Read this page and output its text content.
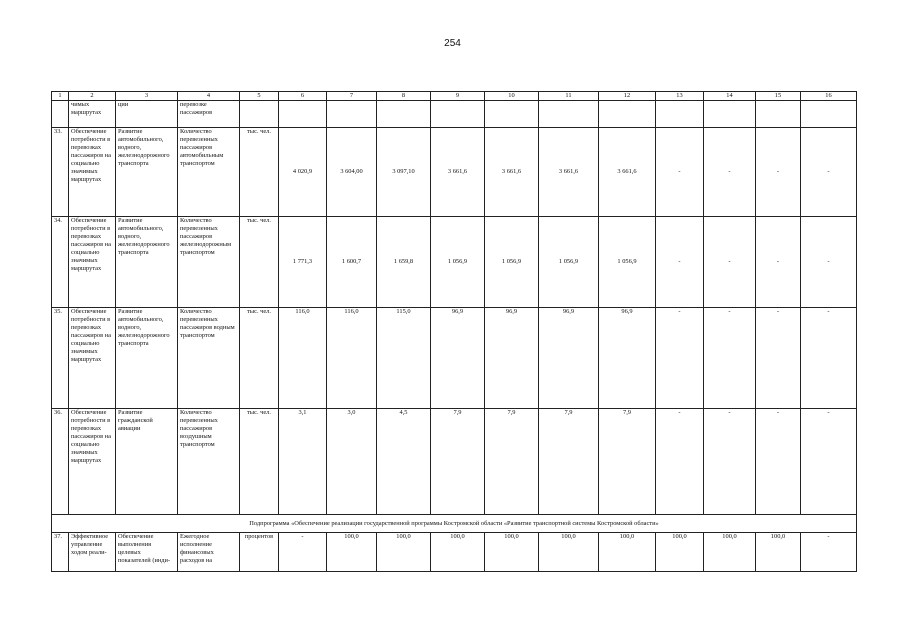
254
1	2	3	4	5	6	7	8	9	10	11	12	13	14	15	16
	чимых маршрутах	ции	перевозке пассажиров												
33.	Обеспечение потребности в перевозках пассажиров на социально значимых маршрутах	Развитие автомобильного, водного, железнодорожного транспорта	Количество перевезенных пассажиров автомобильным транспортом	тыс. чел.	4 020,9	3 604,00	3 097,10	3 661,6	3 661,6	3 661,6	3 661,6	-	-	-	-
34.	Обеспечение потребности в перевозках пассажиров на социально значимых маршрутах	Развитие автомобильного, водного, железнодорожного транспорта	Количество перевезенных пассажиров железнодорожным транспортом	тыс. чел.	1 771,3	1 600,7	1 659,8	1 056,9	1 056,9	1 056,9	1 056,9	-	-	-	-
35.	Обеспечение потребности в перевозках пассажиров на социально значимых маршрутах	Развитие автомобильного, водного, железнодорожного транспорта	Количество перевезенных пассажиров водным транспортом	тыс. чел.	116,0	116,0	115,0	96,9	96,9	96,9	96,9	-	-	-	-
36.	Обеспечение потребности в перевозках пассажиров на социально значимых маршрутах	Развитие гражданской авиации	Количество перевезенных пассажиров воздушным транспортом	тыс. чел.	3,1	3,0	4,5	7,9	7,9	7,9	7,9	-	-	-	-
Подпрограмма «Обеспечение реализации государственной программы Костромской области «Развитие транспортной системы Костромской области»															
37.	Эффективное управление ходом реали-	Обеспечение выполнения целевых показателей (инди-	Ежегодное исполнение финансовых расходов на	процентов	-	100,0	100,0	100,0	100,0	100,0	100,0	100,0	100,0	100,0	-
